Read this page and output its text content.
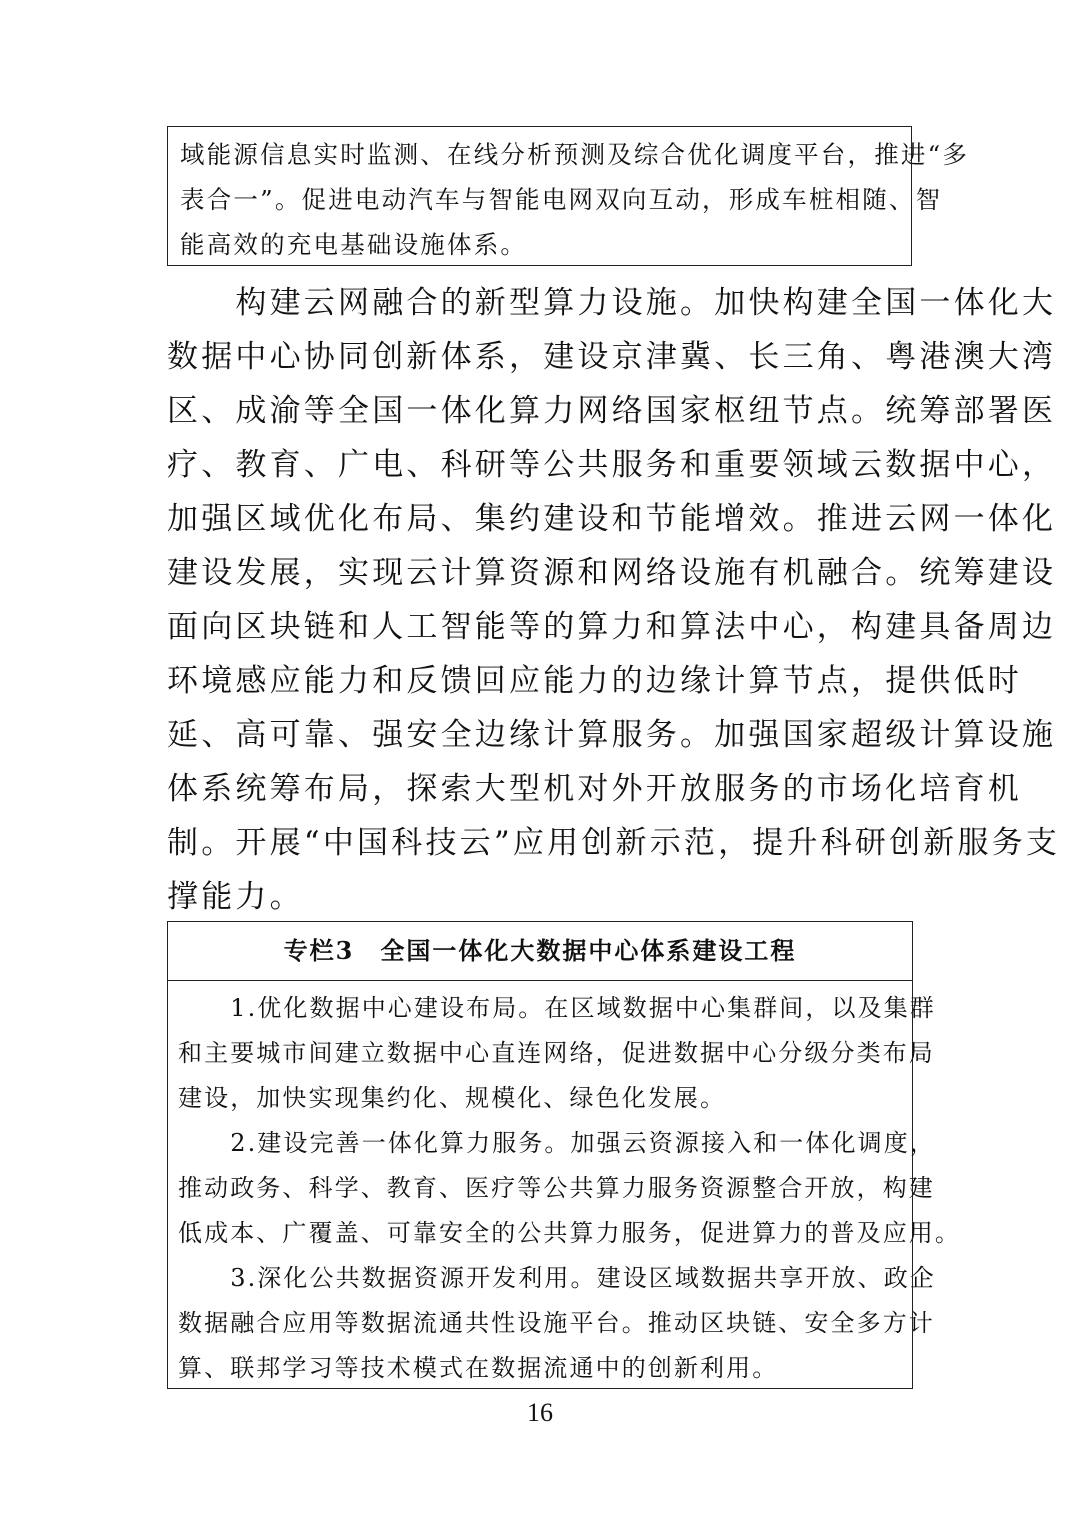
域能源信息实时监测、在线分析预测及综合优化调度平台，推进“多
表合一”。促进电动汽车与智能电网双向互动，形成车桩相随、智
能高效的充电基础设施体系。
　　构建云网融合的新型算力设施。加快构建全国一体化大
数据中心协同创新体系，建设京津冀、长三角、粤港澳大湾
区、成渝等全国一体化算力网络国家枢纽节点。统筹部署医
疗、教育、广电、科研等公共服务和重要领域云数据中心，
加强区域优化布局、集约建设和节能增效。推进云网一体化
建设发展，实现云计算资源和网络设施有机融合。统筹建设
面向区块链和人工智能等的算力和算法中心，构建具备周边
环境感应能力和反馈回应能力的边缘计算节点，提供低时
延、高可靠、强安全边缘计算服务。加强国家超级计算设施
体系统筹布局，探索大型机对外开放服务的市场化培育机
制。开展“中国科技云”应用创新示范，提升科研创新服务支
撑能力。
专栏3　全国一体化大数据中心体系建设工程
　　1.优化数据中心建设布局。在区域数据中心集群间，以及集群
和主要城市间建立数据中心直连网络，促进数据中心分级分类布局
建设，加快实现集约化、规模化、绿色化发展。
　　2.建设完善一体化算力服务。加强云资源接入和一体化调度，
推动政务、科学、教育、医疗等公共算力服务资源整合开放，构建
低成本、广覆盖、可靠安全的公共算力服务，促进算力的普及应用。
　　3.深化公共数据资源开发利用。建设区域数据共享开放、政企
数据融合应用等数据流通共性设施平台。推动区块链、安全多方计
算、联邦学习等技术模式在数据流通中的创新利用。
16
